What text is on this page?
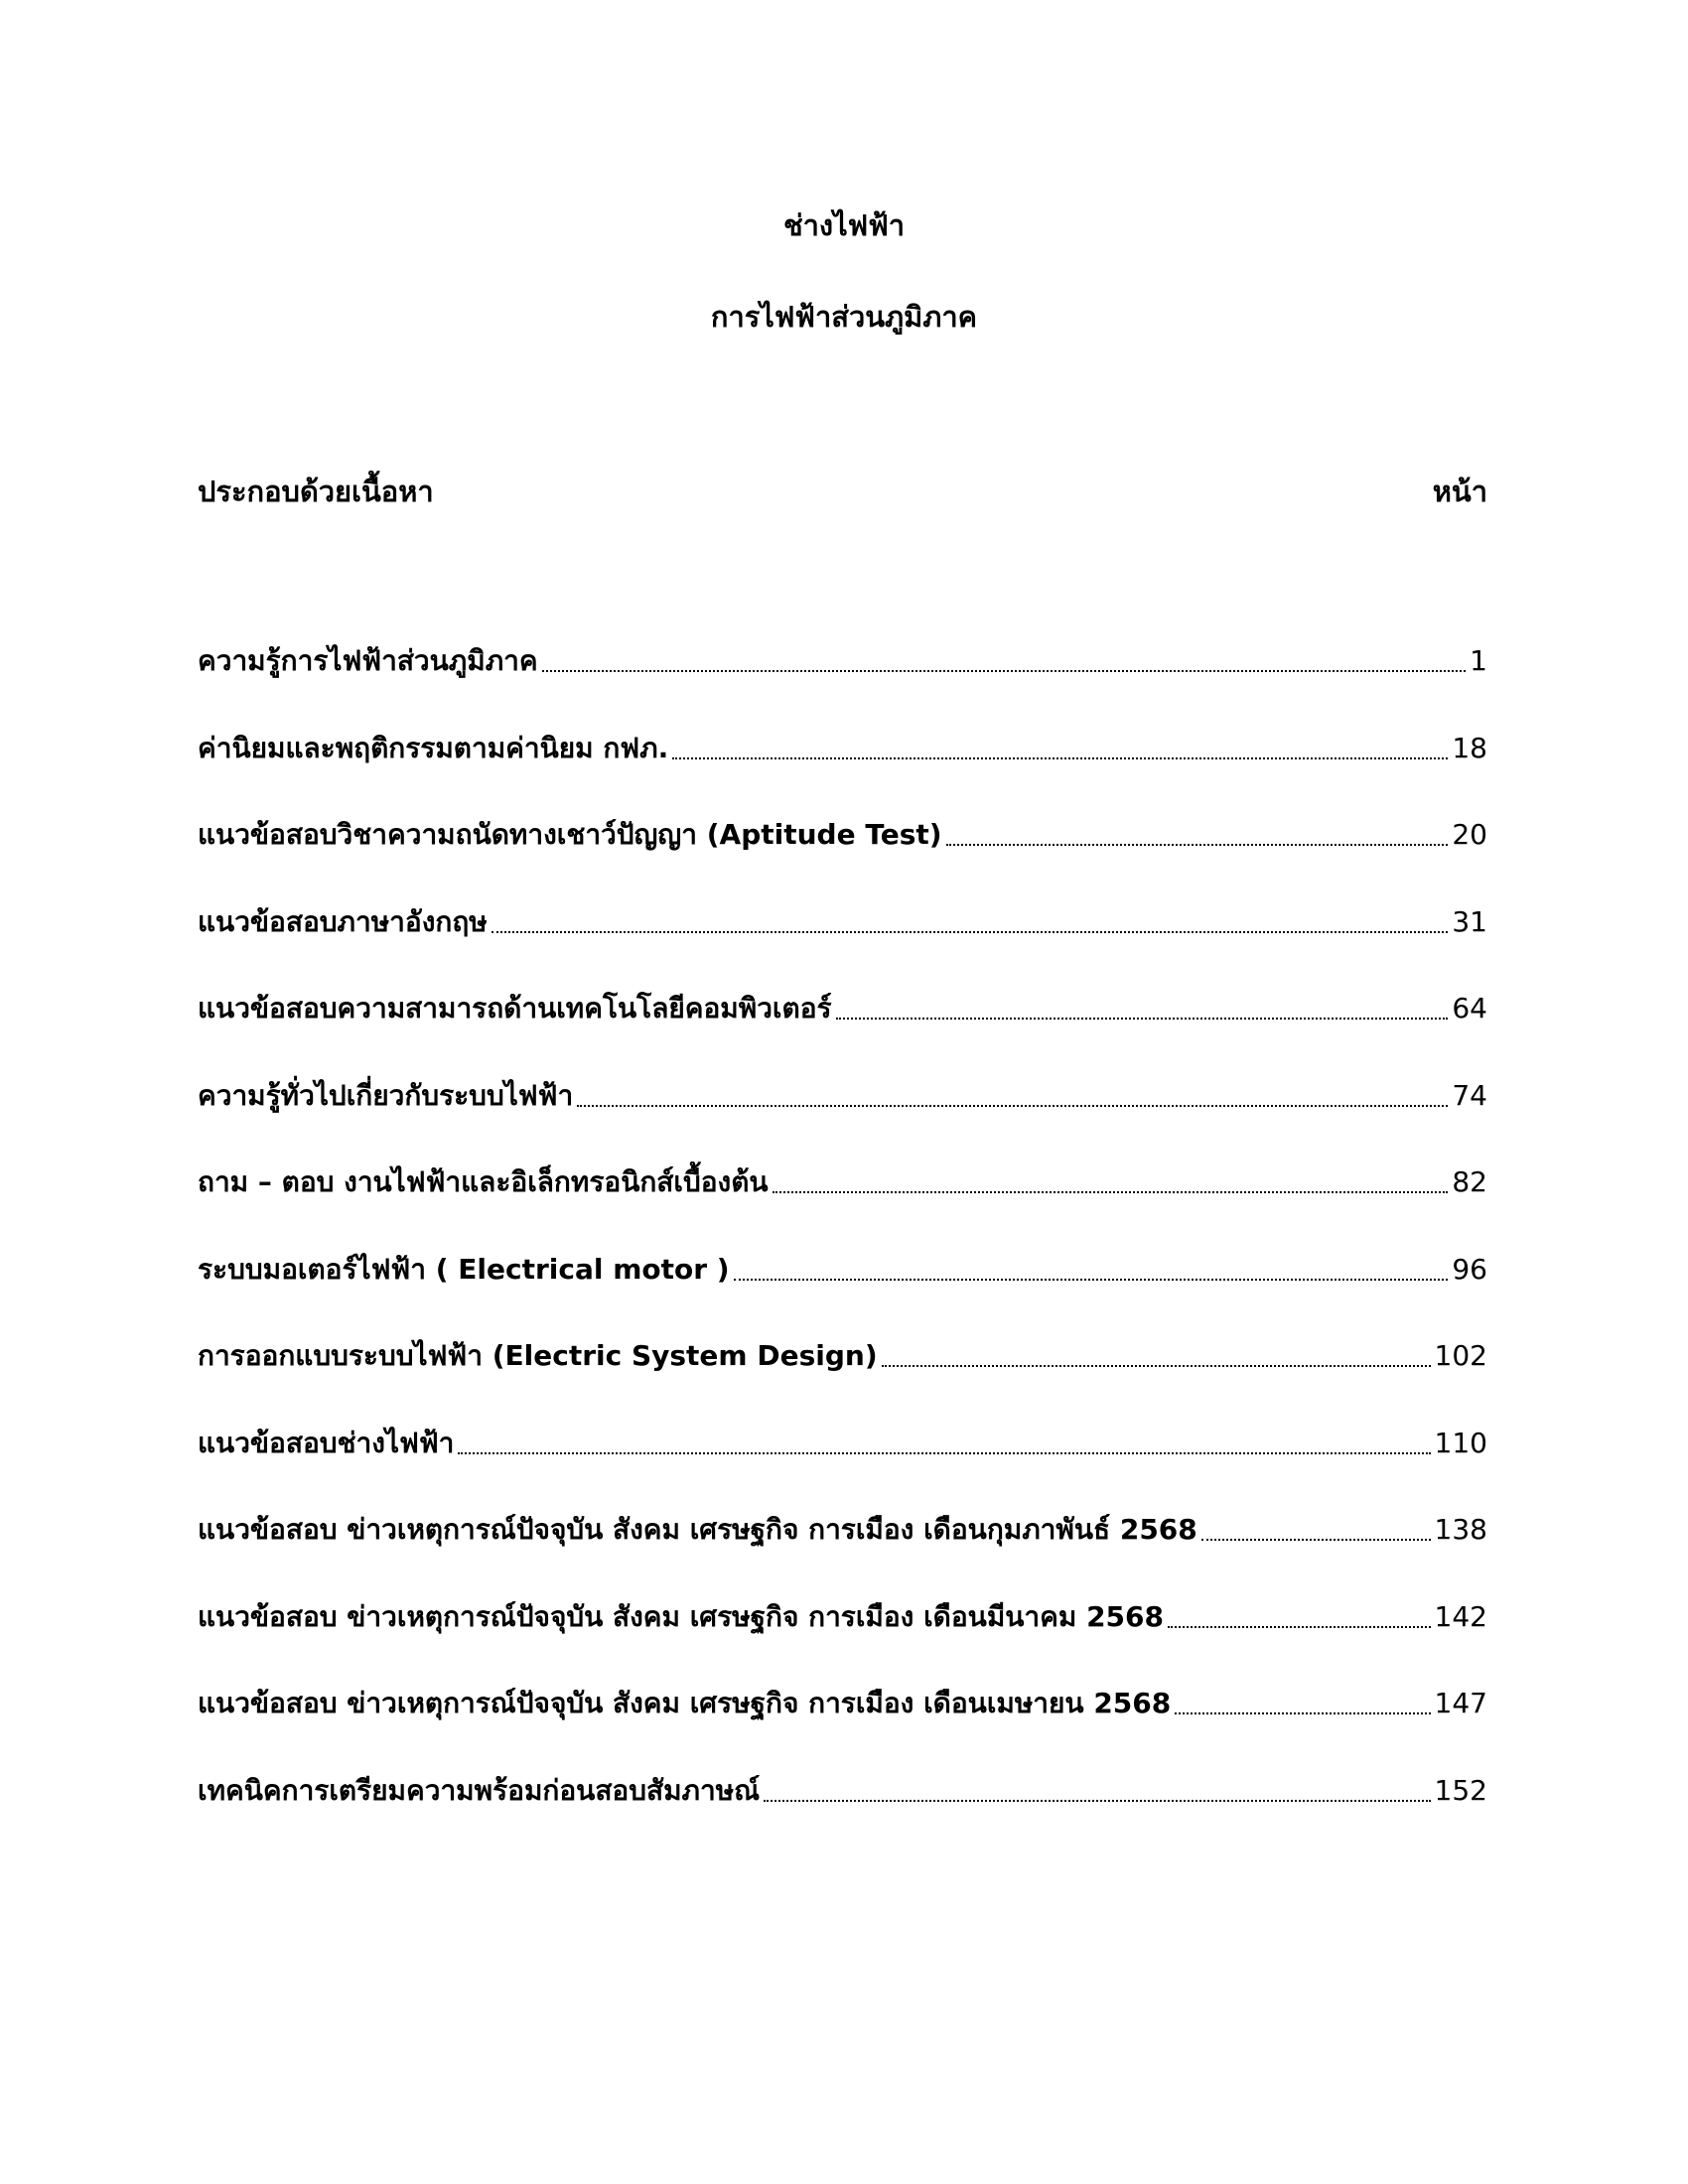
ช่างไฟฟ้า
การไฟฟ้าส่วนภูมิภาค
ประกอบด้วยเนื้อหา	หน้า
ความรู้การไฟฟ้าส่วนภูมิภาค	1
ค่านิยมและพฤติกรรมตามค่านิยม กฟภ.	18
แนวข้อสอบวิชาความถนัดทางเชาว์ปัญญา (Aptitude Test)	20
แนวข้อสอบภาษาอังกฤษ	31
แนวข้อสอบความสามารถด้านเทคโนโลยีคอมพิวเตอร์	64
ความรู้ทั่วไปเกี่ยวกับระบบไฟฟ้า	74
ถาม – ตอบ งานไฟฟ้าและอิเล็กทรอนิกส์เบื้องต้น	82
ระบบมอเตอร์ไฟฟ้า ( Electrical motor )	96
การออกแบบระบบไฟฟ้า (Electric System Design)	102
แนวข้อสอบช่างไฟฟ้า	110
แนวข้อสอบ ข่าวเหตุการณ์ปัจจุบัน สังคม เศรษฐกิจ การเมือง เดือนกุมภาพันธ์ 2568	138
แนวข้อสอบ ข่าวเหตุการณ์ปัจจุบัน สังคม เศรษฐกิจ การเมือง เดือนมีนาคม 2568	142
แนวข้อสอบ ข่าวเหตุการณ์ปัจจุบัน สังคม เศรษฐกิจ การเมือง เดือนเมษายน 2568	147
เทคนิคการเตรียมความพร้อมก่อนสอบสัมภาษณ์	152
